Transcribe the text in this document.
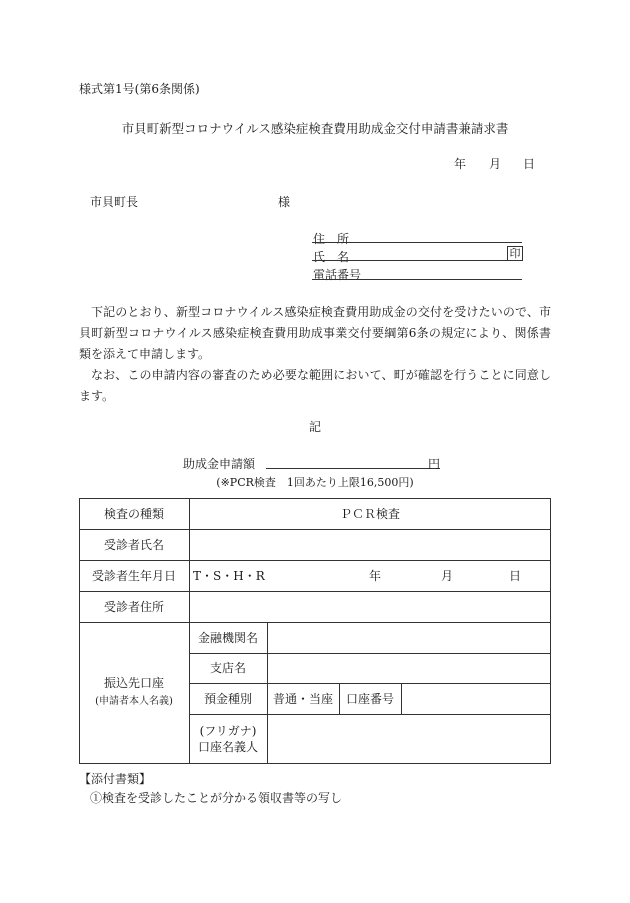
様式第1号(第6条関係)
市貝町新型コロナウイルス感染症検査費用助成金交付申請書兼請求書
年 月 日
市貝町長	様
住　所
氏　名	印
電話番号

下記のとおり、新型コロナウイルス感染症検査費用助成金の交付を受けたいので、市貝町新型コロナウイルス感染症検査費用助成事業交付要綱第6条の規定により、関係書類を添えて申請します。

なお、この申請内容の審査のため必要な範囲において、町が確認を行うことに同意します。

記
助成金申請額	円
(※PCR検査　1回あたり上限16,500円)
検査の種類	ＰＣＲ検査
受診者氏名
受診者生年月日	T・S・H・R	年	月	日
受診者住所
振込先口座
(申請者本人名義)
金融機関名
支店名
預金種別	普通・当座	口座番号
(フリガナ)
口座名義人
【添付書類】
①検査を受診したことが分かる領収書等の写し
